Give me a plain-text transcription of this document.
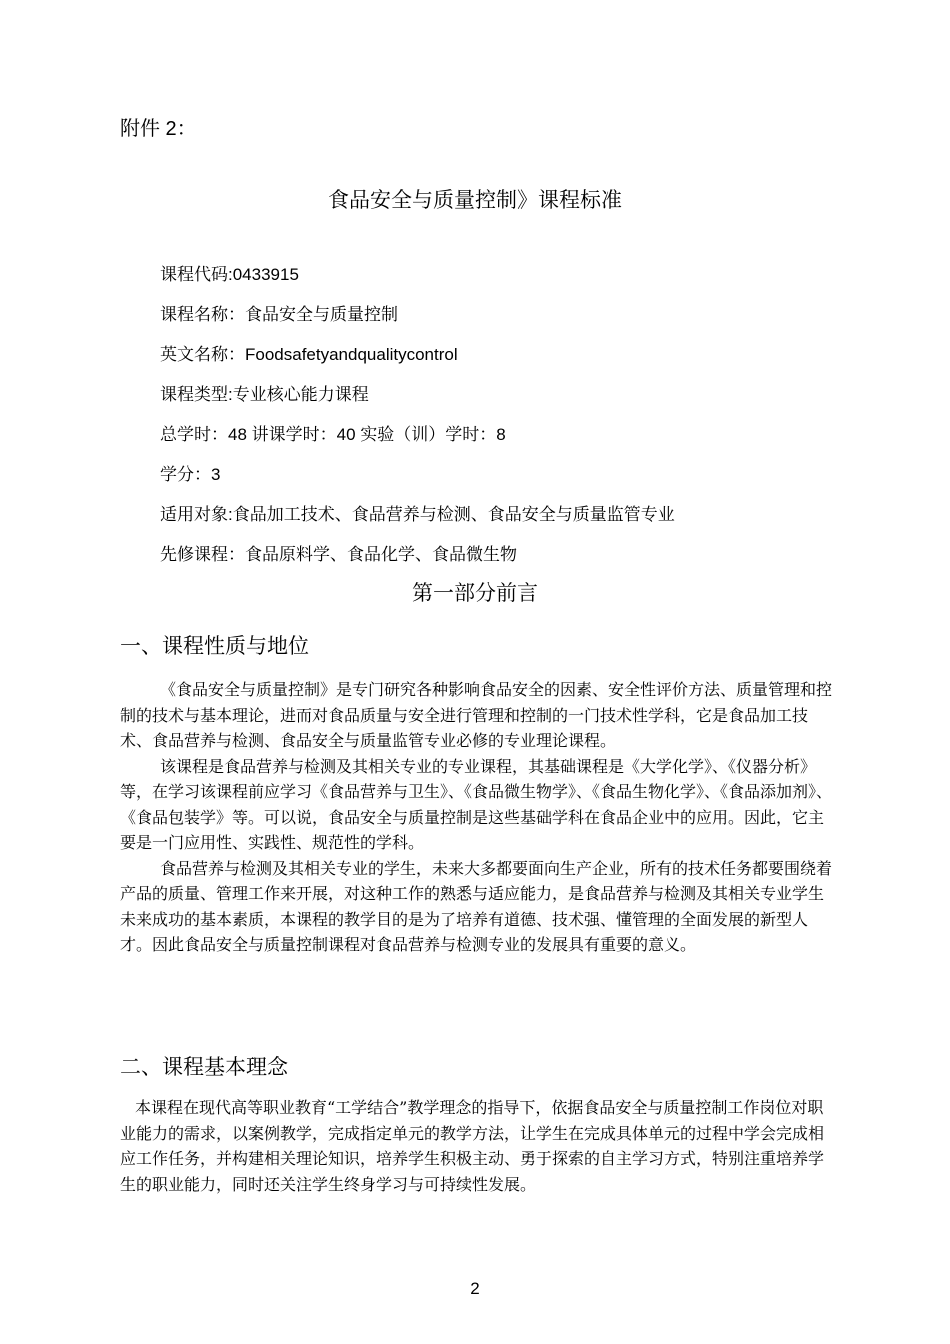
附件 2：
食品安全与质量控制》课程标准
课程代码:0433915
课程名称：食品安全与质量控制
英文名称：Foodsafetyandqualitycontrol
课程类型:专业核心能力课程
总学时：48 讲课学时：40 实验（训）学时：8
学分：3
适用对象:食品加工技术、食品营养与检测、食品安全与质量监管专业
先修课程：食品原料学、食品化学、食品微生物
第一部分前言
一、课程性质与地位

《食品安全与质量控制》是专门研究各种影响食品安全的因素、安全性评价方法、质量管理和控制的技术与基本理论，进而对食品质量与安全进行管理和控制的一门技术性学科，它是食品加工技术、食品营养与检测、食品安全与质量监管专业必修的专业理论课程。

该课程是食品营养与检测及其相关专业的专业课程，其基础课程是《大学化学》、《仪器分析》等，在学习该课程前应学习《食品营养与卫生》、《食品微生物学》、《食品生物化学》、《食品添加剂》、《食品包装学》等。可以说，食品安全与质量控制是这些基础学科在食品企业中的应用。因此，它主要是一门应用性、实践性、规范性的学科。

食品营养与检测及其相关专业的学生，未来大多都要面向生产企业，所有的技术任务都要围绕着产品的质量、管理工作来开展，对这种工作的熟悉与适应能力，是食品营养与检测及其相关专业学生未来成功的基本素质，本课程的教学目的是为了培养有道德、技术强、懂管理的全面发展的新型人才。因此食品安全与质量控制课程对食品营养与检测专业的发展具有重要的意义。

二、课程基本理念

本课程在现代高等职业教育“工学结合”教学理念的指导下，依据食品安全与质量控制工作岗位对职业能力的需求，以案例教学，完成指定单元的教学方法，让学生在完成具体单元的过程中学会完成相应工作任务，并构建相关理论知识，培养学生积极主动、勇于探索的自主学习方式，特别注重培养学生的职业能力，同时还关注学生终身学习与可持续性发展。

2
